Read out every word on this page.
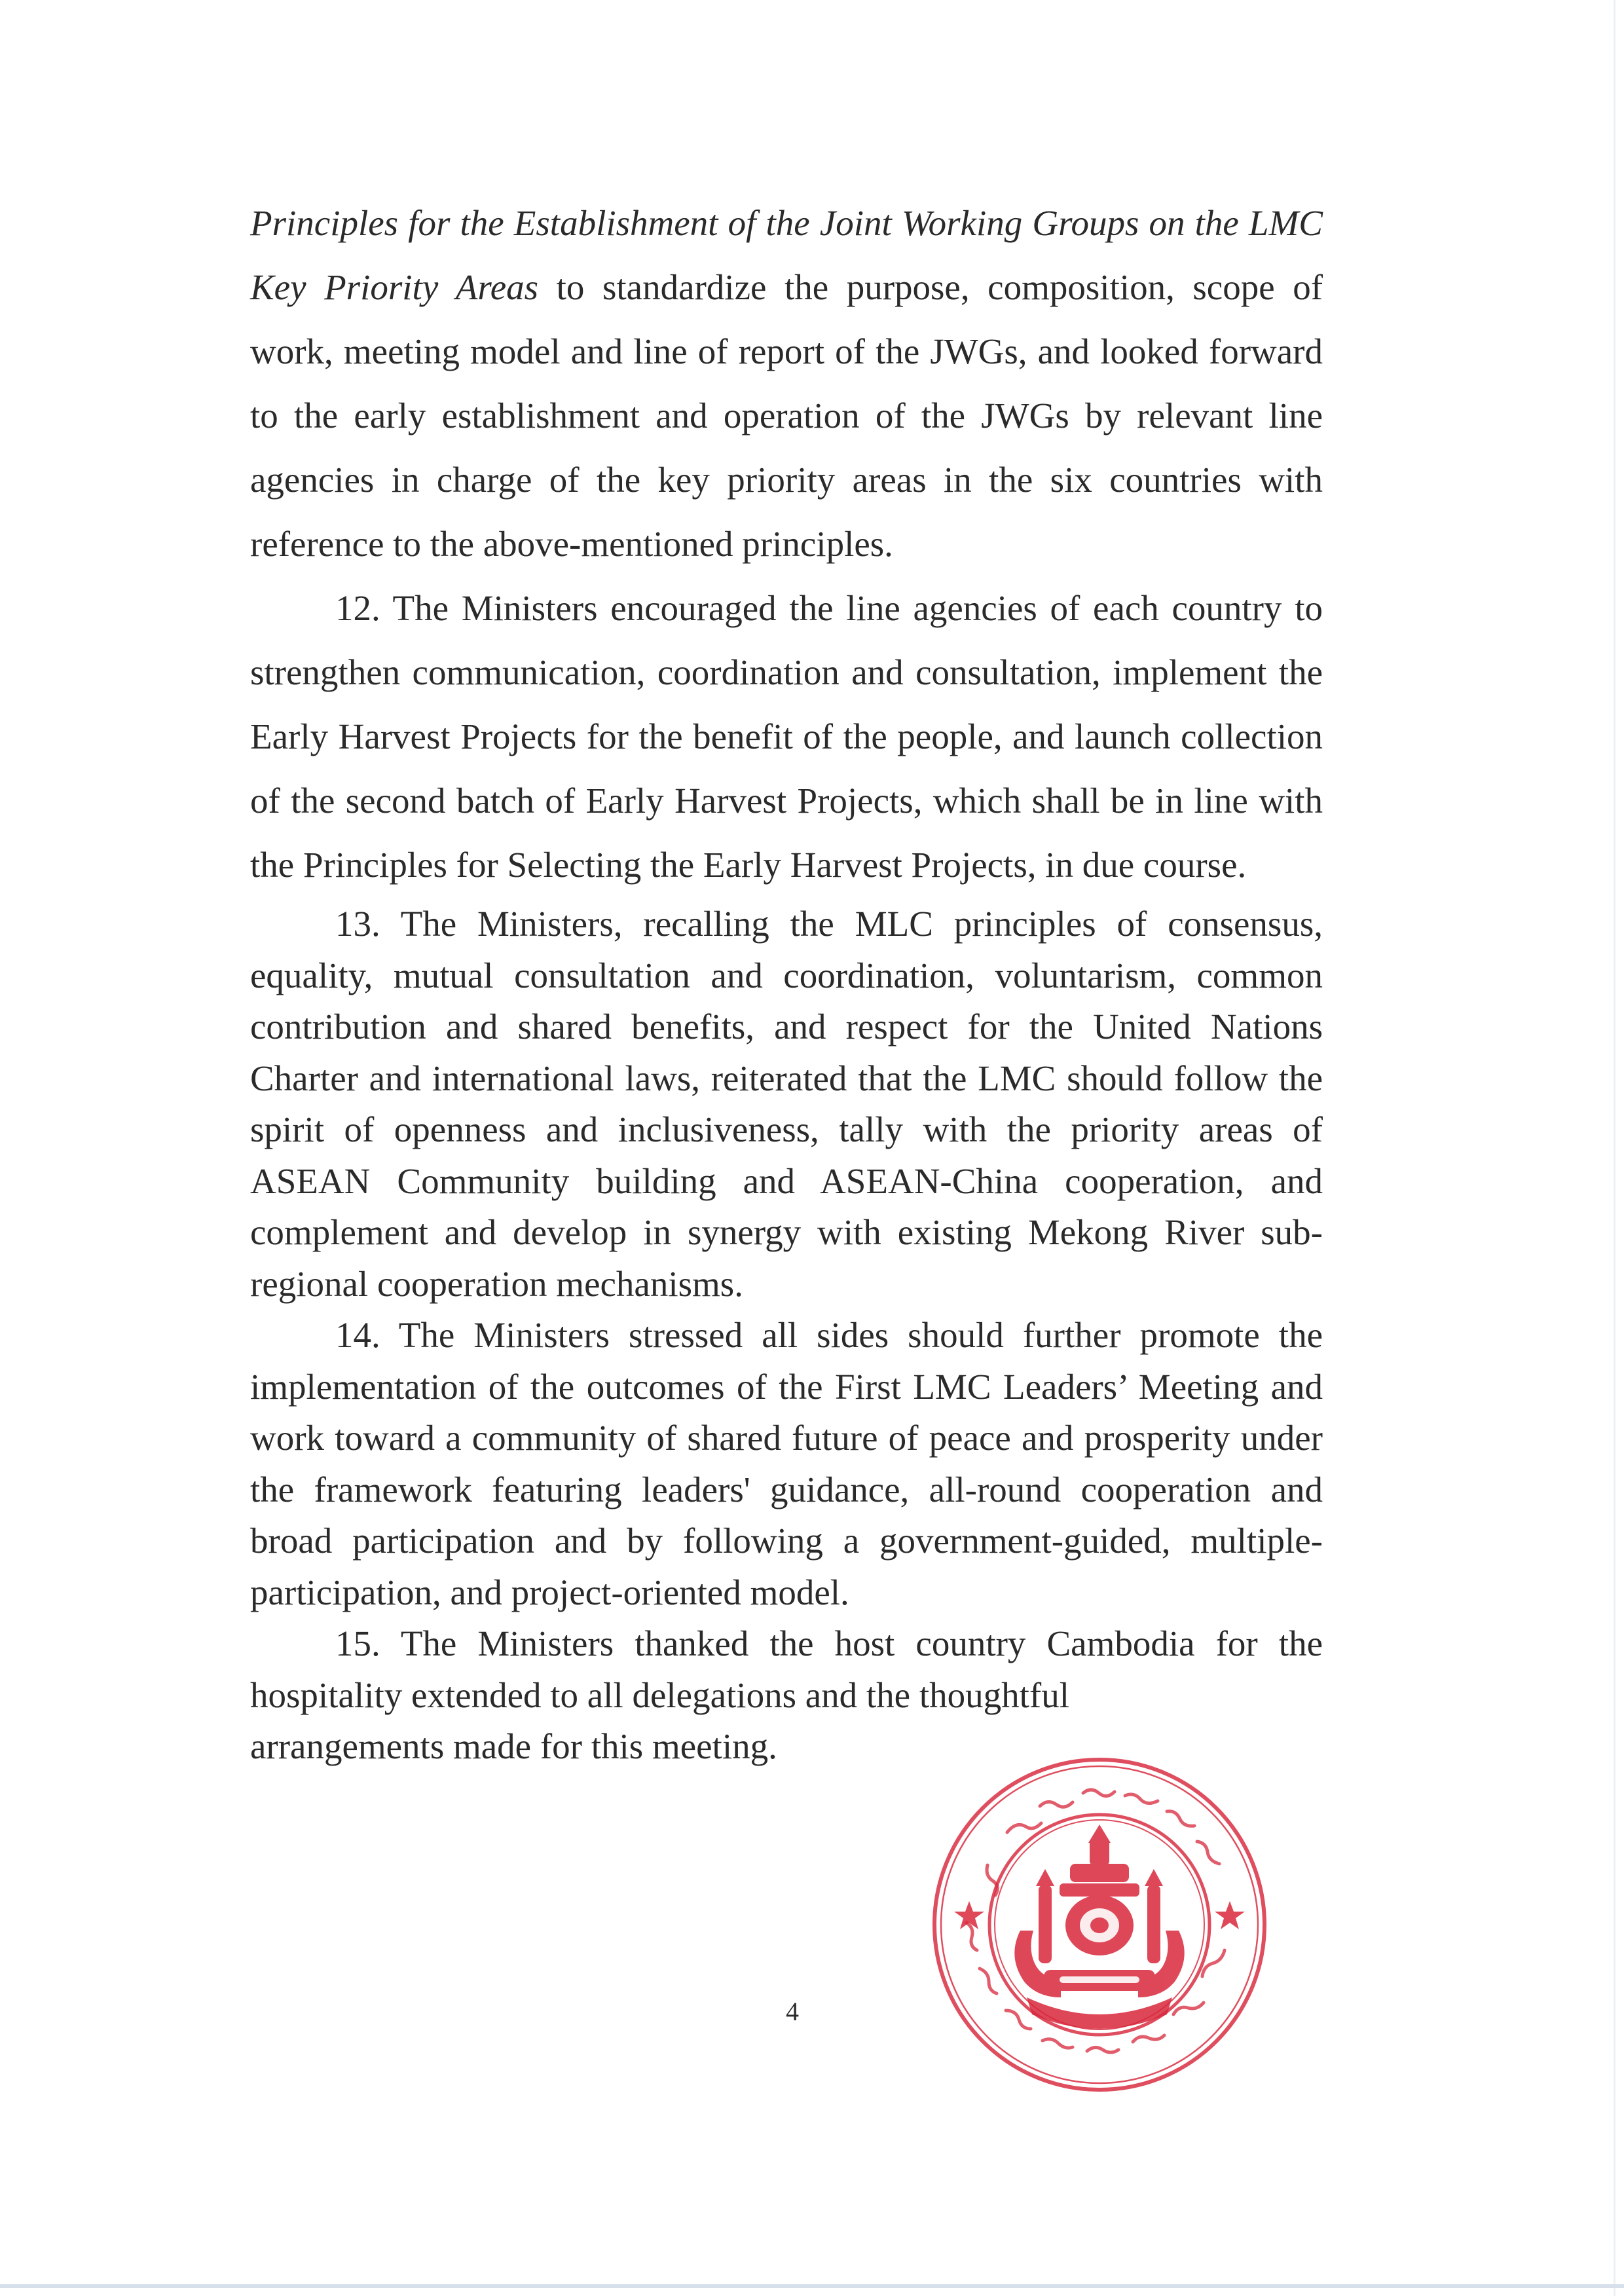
Principles for the Establishment of the Joint Working Groups on the LMC Key Priority Areas to standardize the purpose, composition, scope of work, meeting model and line of report of the JWGs, and looked forward to the early establishment and operation of the JWGs by relevant line agencies in charge of the key priority areas in the six countries with reference to the above-mentioned principles.

12. The Ministers encouraged the line agencies of each country to strengthen communication, coordination and consultation, implement the Early Harvest Projects for the benefit of the people, and launch collection of the second batch of Early Harvest Projects, which shall be in line with the Principles for Selecting the Early Harvest Projects, in due course.

13. The Ministers, recalling the MLC principles of consensus, equality, mutual consultation and coordination, voluntarism, common contribution and shared benefits, and respect for the United Nations Charter and international laws, reiterated that the LMC should follow the spirit of openness and inclusiveness, tally with the priority areas of ASEAN Community building and ASEAN-China cooperation, and complement and develop in synergy with existing Mekong River sub-regional cooperation mechanisms.

14. The Ministers stressed all sides should further promote the implementation of the outcomes of the First LMC Leaders’ Meeting and work toward a community of shared future of peace and prosperity under the framework featuring leaders' guidance, all-round cooperation and broad participation and by following a government-guided, multiple-participation, and project-oriented model.

15. The Ministers thanked the host country Cambodia for the hospitality extended to all delegations and the thoughtful

arrangements made for this meeting.

4
